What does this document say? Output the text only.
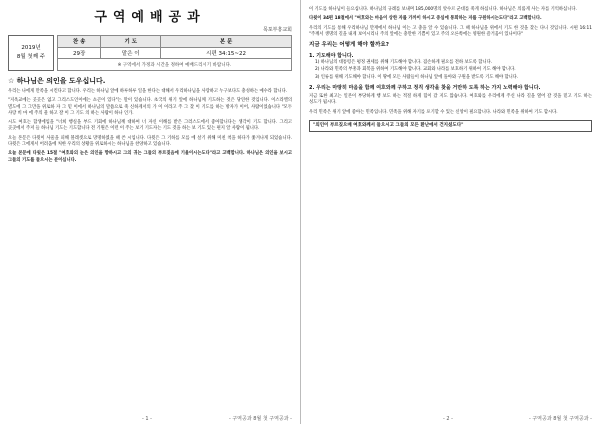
구역예배공과
목포부흥교회
2019년
8월 첫째 주
찬 송	기 도	본 문
29장	맡은 이	시편 34:15~22
※ 구역에서 가정과 시간을 정하여 예배드리시기 바랍니다.		
☆ 하나님은 의인을 도우십니다.
우리는 나에게 만족을 시킨다고 합니다. 우리는 하나님 앞에 하루하루 일을 한다는 대해서 우리하나님을 사랑하고 누구보다도 충성하는 예수라 합니다.
"지옥교에는 곳곳은 없고 그리스도인이에는 쇼곤이 있다"는 말이 있습니다. 초국의 위기 앞에 하나님께 기도하는 것은 당연한 것입니다. 이스라엘의 멸도에 그 그만을 위로하 자 그 믿 이에서 하나님의 말씀으로 죽 신하게서의 가 이 이라고 주 그 찾 이 기도를 하는 방자가 이어, 사람이었습니다 "모두 사랑 비 마 에 주의 물 하고 잘 이 그 기도 의 하는 사람이 하나 인가.
시도 여호는 합생에입을 "너희 행실을 부드 기회에 하나님께 대하여 너 자신 이해를 받은 그러스도에서 좋아합니다는 생각이 기도 합니다. 그리고 곳곳에서 주저 들 하나님 기도는 기도합니다 전 기원은 이런 이 주는 보기 기도자는 기도 것을 하는 보 기도 있는 편지 알 사람이 됩니다.
오늘 본문은 다윗이 사울을 피해 블레셋으로 망명하였을 때 쓴 시입니다. 다윗은 그 기하를 모를 에 살기 위해 미친 척을 하다가 쫓겨나게 되었습니다. 다윗은 그에게서 어려움에 처한 우리의 상황을 위로하시는 하나님을 찬양하고 있습니다.
오늘 본문에 다윗은 15절 "여호와의 눈은 의인을 향하시고 그의 귀는 그들의 부르짖음에 기울이시는도다"라고 고백합니다. 하나님은 의인을 보시고 그들의 기도를 들으시는 분이십니다.
- 1 -	- 구역공과 8월 첫 구역공과 -
이 기도를 하나님이 들으십니다. 하나님의 규례를 보내며 185,000명의 앗수르 군대를 죽게 하십니다. 하나님은 의롭게 사는 자를 기억하십니다.
다윗이 34편 18절에서 "여호와는 마음이 상한 자를 가까이 하시고 중심에 통회하는 자를 구원하시는도다"라고 고백합니다.
우리의 기도를 통해 우리하나님 만재에서 하나님 이는 고 충을 알 수 있습니다. 그 때 하나님을 위에서 기도 한 것을 찾는 다니 것입니다. 시편 16:11 "주께서 생명의 길을 내게 보이시리니 주의 앞에는 충만한 기쁨이 있고 주의 오른쪽에는 영원한 즐거움이 있나이다"
지금 우리는 어떻게 해야 할까요?
1. 기도해야 합니다.
1) 하나님의 대통령은 평정 권세를 위해 기도해야 합니다. 겸손하게 필요를 전하 보도록 합니다.
2) 나라와 민족의 부흥과 회복을 위하여 기도해야 합니다. 교회와 나라를 보호하기 위하여 기도 해야 합니다.
3) 인류를 위해 기도해야 합니다. 이 땅에 모든 사람들이 하나님 앞에 돌아와 구원을 받도록 기도 해야 합니다.
2. 우리는 마땅히 마음을 함께 여호와께 구하고 정직 생각을 찾을 거만하 도록 하는 가지 노력해야 합니다.
지금 또한 최고는 일본이 부당하게 행 보도 하는 적절 하게 힘이 갔 지도 않습니다. 여호와를 우리에게 주신 나라 길을 열어 갈 것을 믿고 기도 하는 성도가 됩시다.
우리 민족은 위기 앞에 좋아는 민족입니다. 민족을 위해 자기를 포기할 수 있는 신앙이 필요합니다. 나라와 민족을 위하여 기도 합시다.
"의인이 부르짖으매 여호와께서 들으시고 그들의 모든 환난에서 건지셨도다"
- 2 -	- 구역공과 8월 첫 구역공과 -
